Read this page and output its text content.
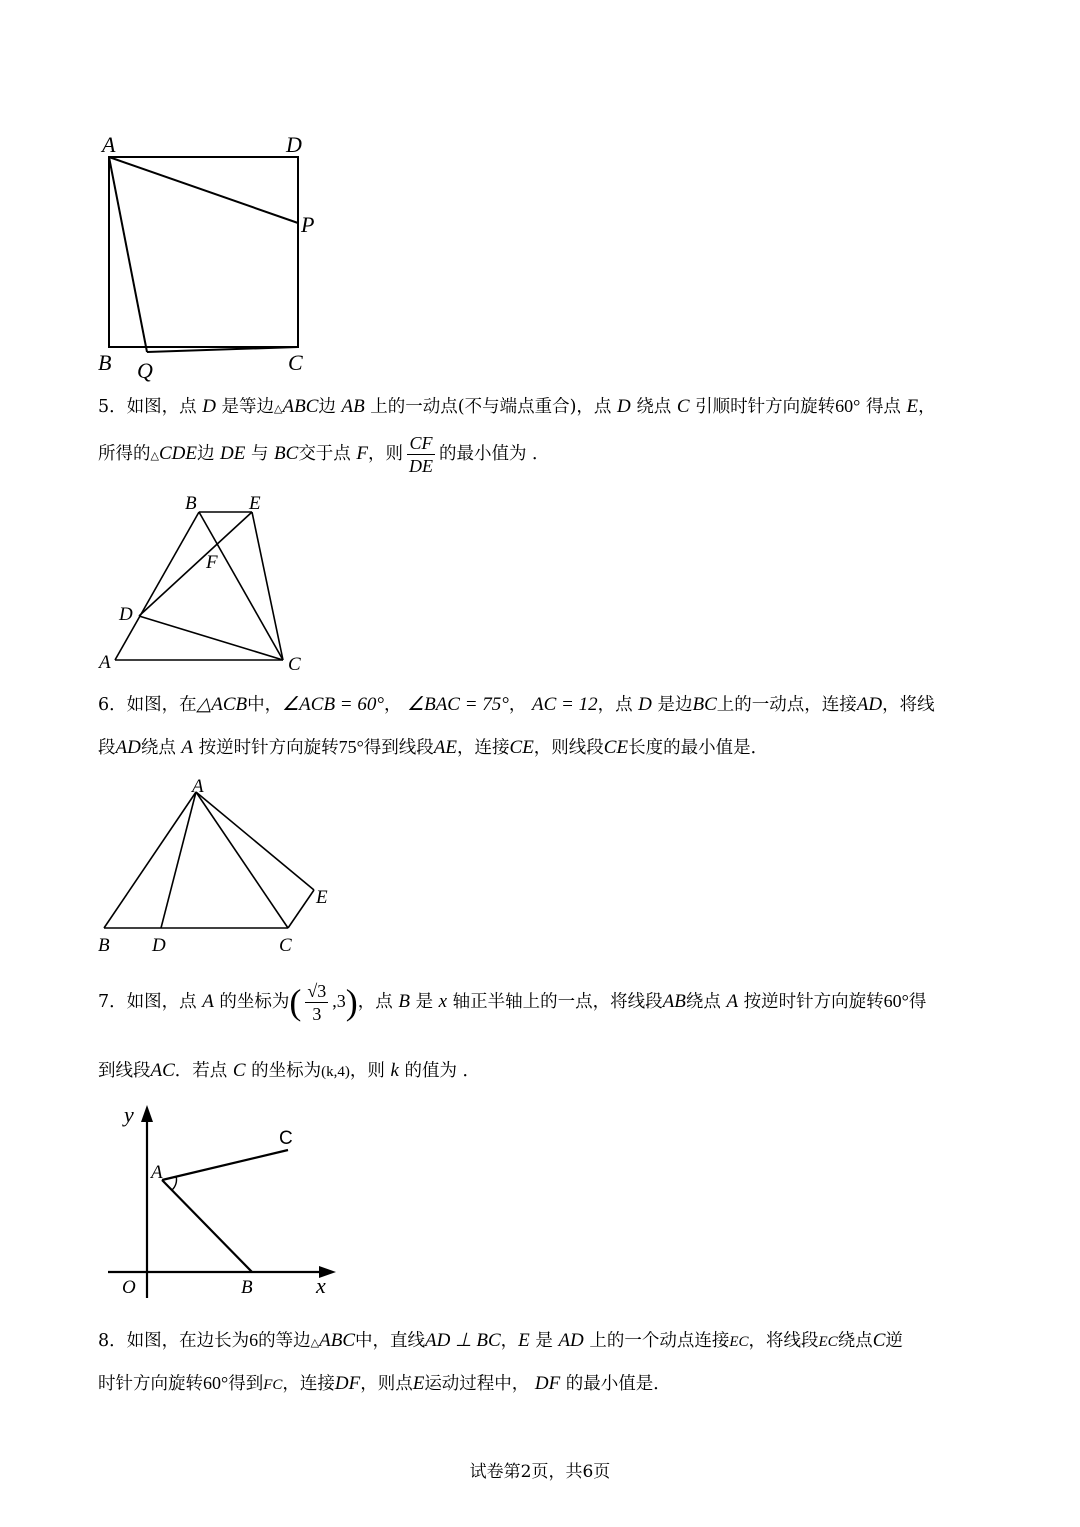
A	D
P
B Q	C
5．如图，点 D 是等边△ABC边 AB 上的一动点(不与端点重合)，点 D 绕点 C 引顺时针方向旋转60° 得点 E，
所得的△CDE边 DE 与 BC交于点 F，则 $\frac{CF}{DE}$ 的最小值为 ．
B	E
F
D
A	C
6．如图，在△ACB中，∠ACB = 60°， ∠BAC = 75°， AC = 12，点 D 是边BC上的一动点，连接AD，将线
段AD绕点 A 按逆时针方向旋转75°得到线段AE，连接CE，则线段CE长度的最小值是．
A
E
B D	C
7．如图，点 A 的坐标为( $\frac{√3}{3} ,3$)，点 B 是 x 轴正半轴上的一点，将线段AB绕点 A 按逆时针方向旋转60°得
到线段AC．若点 C 的坐标为(k,4)，则 k 的值为 ．
y
C
A
O	B	x
8．如图，在边长为6的等边△ABC中，直线AD ⊥ BC，E 是 AD 上的一个动点连接EC，将线段EC绕点C逆
时针方向旋转60°得到FC，连接DF，则点E运动过程中， DF 的最小值是．
试卷第2页，共6页
